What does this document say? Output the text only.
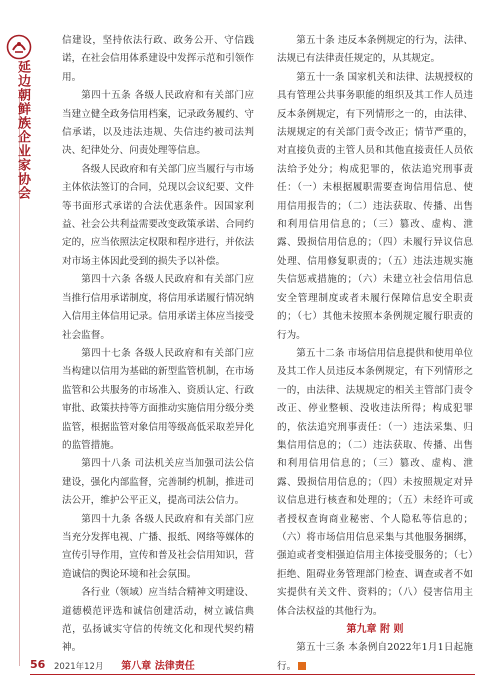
延边朝鲜族企业家协会

信建设，坚持依法行政、政务公开、守信践诺，在社会信用体系建设中发挥示范和引领作用。

第四十五条 各级人民政府和有关部门应当建立健全政务信用档案，记录政务履约、守信承诺，以及违法违规、失信违约被司法判决、纪律处分、问责处理等信息。

各级人民政府和有关部门应当履行与市场主体依法签订的合同，兑现以会议纪要、文件等书面形式承诺的合法优惠条件。因国家利益、社会公共利益需要改变政策承诺、合同约定的，应当依照法定权限和程序进行，并依法对市场主体因此受到的损失予以补偿。

第四十六条 各级人民政府和有关部门应当推行信用承诺制度，将信用承诺履行情况纳入信用主体信用记录。信用承诺主体应当接受社会监督。

第四十七条 各级人民政府和有关部门应当构建以信用为基础的新型监管机制，在市场监管和公共服务的市场准入、资质认定、行政审批、政策扶持等方面推动实施信用分级分类监管，根据监管对象信用等级高低采取差异化的监管措施。

第四十八条 司法机关应当加强司法公信建设，强化内部监督，完善制约机制，推进司法公开，维护公平正义，提高司法公信力。

第四十九条 各级人民政府和有关部门应当充分发挥电视、广播、报纸、网络等媒体的宣传引导作用，宣传和普及社会信用知识，营造诚信的舆论环境和社会氛围。

各行业（领域）应当结合精神文明建设、道德模范评选和诚信创建活动，树立诚信典范，弘扬诚实守信的传统文化和现代契约精神。

第八章 法律责任

第五十条 违反本条例规定的行为，法律、法规已有法律责任规定的，从其规定。

第五十一条 国家机关和法律、法规授权的具有管理公共事务职能的组织及其工作人员违反本条例规定，有下列情形之一的，由法律、法规规定的有关部门责令改正；情节严重的，对直接负责的主管人员和其他直接责任人员依法给予处分；构成犯罪的，依法追究刑事责任：（一）未根据履职需要查询信用信息、使用信用报告的；（二）违法获取、传播、出售和利用信用信息的；（三）篡改、虚构、泄露、毁损信用信息的；（四）未履行异议信息处理、信用修复职责的；（五）违法违规实施失信惩戒措施的；（六）未建立社会信用信息安全管理制度或者未履行保障信息安全职责的；（七）其他未按照本条例规定履行职责的行为。

第五十二条 市场信用信息提供和使用单位及其工作人员违反本条例规定，有下列情形之一的，由法律、法规规定的相关主管部门责令改正、停业整顿、没收违法所得；构成犯罪的，依法追究刑事责任：（一）违法采集、归集信用信息的；（二）违法获取、传播、出售和利用信用信息的；（三）篡改、虚构、泄露、毁损信用信息的；（四）未按照规定对异议信息进行核查和处理的；（五）未经许可或者授权查询商业秘密、个人隐私等信息的；（六）将市场信用信息采集与其他服务捆绑，强迫或者变相强迫信用主体接受服务的；（七）拒绝、阻碍业务管理部门检查、调查或者不如实提供有关文件、资料的；（八）侵害信用主体合法权益的其他行为。

第九章 附 则

第五十三条 本条例自2022年1月1日起施行。

56 2021年12月
